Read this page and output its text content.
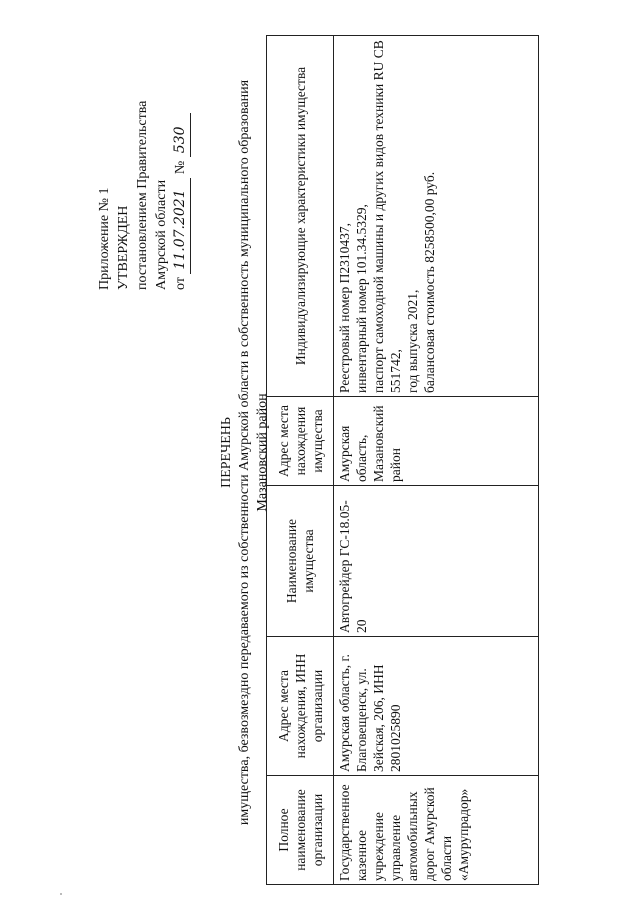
Приложение № 1 УТВЕРЖДЕН постановлением Правительства Амурской области от 11.07.2021 № 530
ПЕРЕЧЕНЬ имущества, безвозмездно передаваемого из собственности Амурской области в собственность муниципального образования Мазановский район
Полное наименование организации	Адрес места нахождения, ИНН организации	Наименование имущества	Адрес места нахождения имущества	Индивидуализирующие характеристики имущества
Государственное казенное учреждение управление автомобильных дорог Амурской области «Амурупрадор»	Амурская область, г. Благовещенск, ул. Зейская, 206, ИНН 2801025890	Автогрейдер ГС-18.05-20	Амурская область, Мазановский район	Реестровый номер П2310437,
инвентарный номер 101.34.5329,
паспорт самоходной машины и других видов техники RU СВ 551742,
год выпуска 2021,
балансовая стоимость 8258500,00 руб.
